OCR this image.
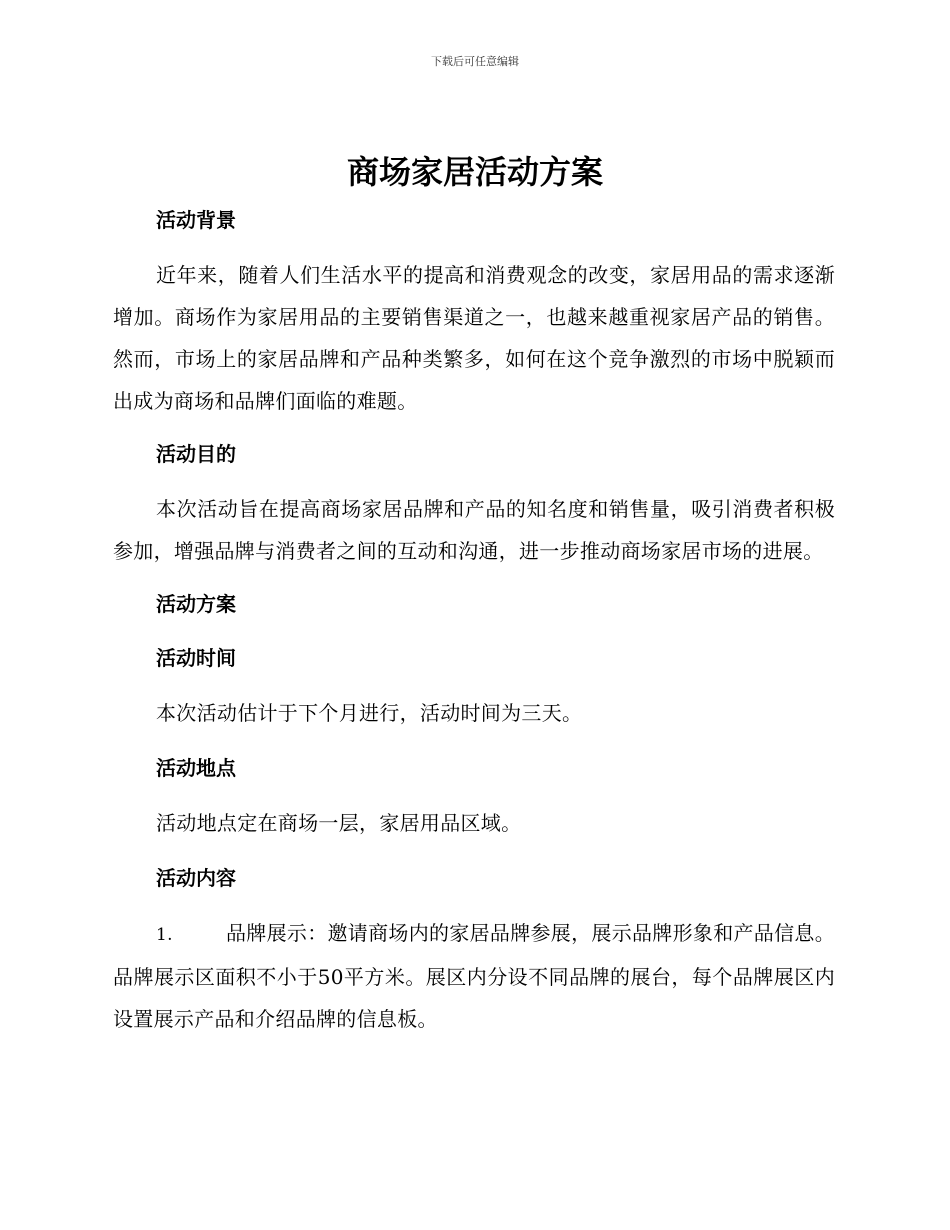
下载后可任意编辑
商场家居活动方案
活动背景

近年来，随着人们生活水平的提高和消费观念的改变，家居用品的需求逐渐增加。商场作为家居用品的主要销售渠道之一，也越来越重视家居产品的销售。然而，市场上的家居品牌和产品种类繁多，如何在这个竞争激烈的市场中脱颖而出成为商场和品牌们面临的难题。

活动目的

本次活动旨在提高商场家居品牌和产品的知名度和销售量，吸引消费者积极参加，增强品牌与消费者之间的互动和沟通，进一步推动商场家居市场的进展。

活动方案
活动时间

本次活动估计于下个月进行，活动时间为三天。

活动地点

活动地点定在商场一层，家居用品区域。

活动内容

1.	品牌展示：邀请商场内的家居品牌参展，展示品牌形象和产品信息。品牌展示区面积不小于50平方米。展区内分设不同品牌的展台，每个品牌展区内设置展示产品和介绍品牌的信息板。
